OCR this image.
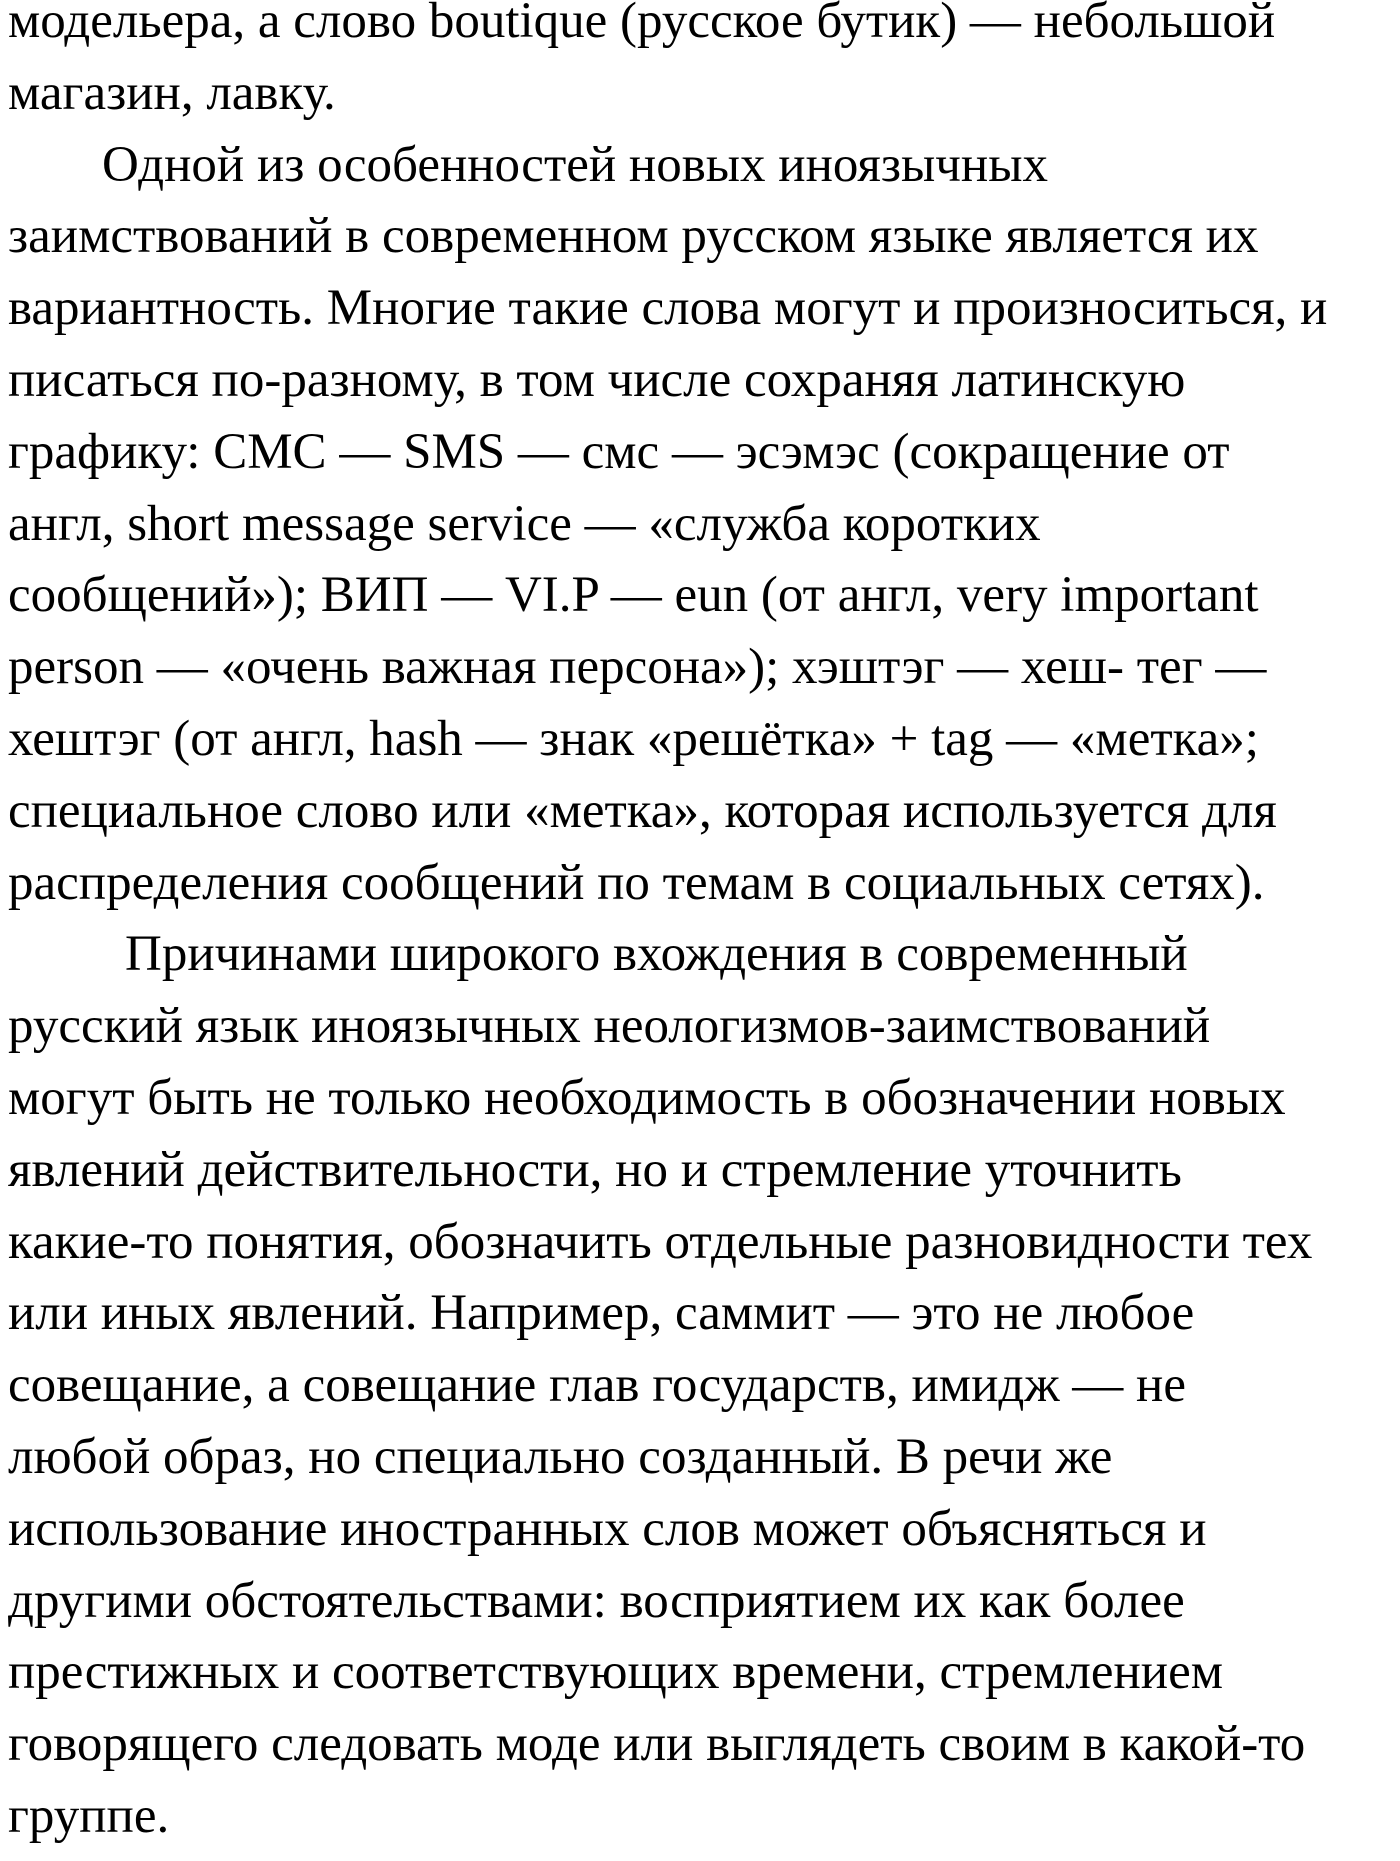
модельера, а слово boutique (русское бутик) — небольшой
магазин, лавку.
Одной из особенностей новых иноязычных
заимствований в современном русском языке является их
вариантность. Многие такие слова могут и произноситься, и
писаться по-разному, в том числе сохраняя латинскую
графику: СМС — SMS — смс — эсэмэс (сокращение от
англ, short message service — «служба коротких
сообщений»); ВИП — VI.P — eun (от англ, very important
person — «очень важная персона»); хэштэг — хеш- тег —
хештэг (от англ, hash — знак «решётка» + tag — «метка»;
специальное слово или «метка», которая используется для
распределения сообщений по темам в социальных сетях).
Причинами широкого вхождения в современный
русский язык иноязычных неологизмов-заимствований
могут быть не только необходимость в обозначении новых
явлений действительности, но и стремление уточнить
какие-то понятия, обозначить отдельные разновидности тех
или иных явлений. Например, саммит — это не любое
совещание, а совещание глав государств, имидж — не
любой образ, но специально созданный. В речи же
использование иностранных слов может объясняться и
другими обстоятельствами: восприятием их как более
престижных и соответствующих времени, стремлением
говорящего следовать моде или выглядеть своим в какой-то
группе.
